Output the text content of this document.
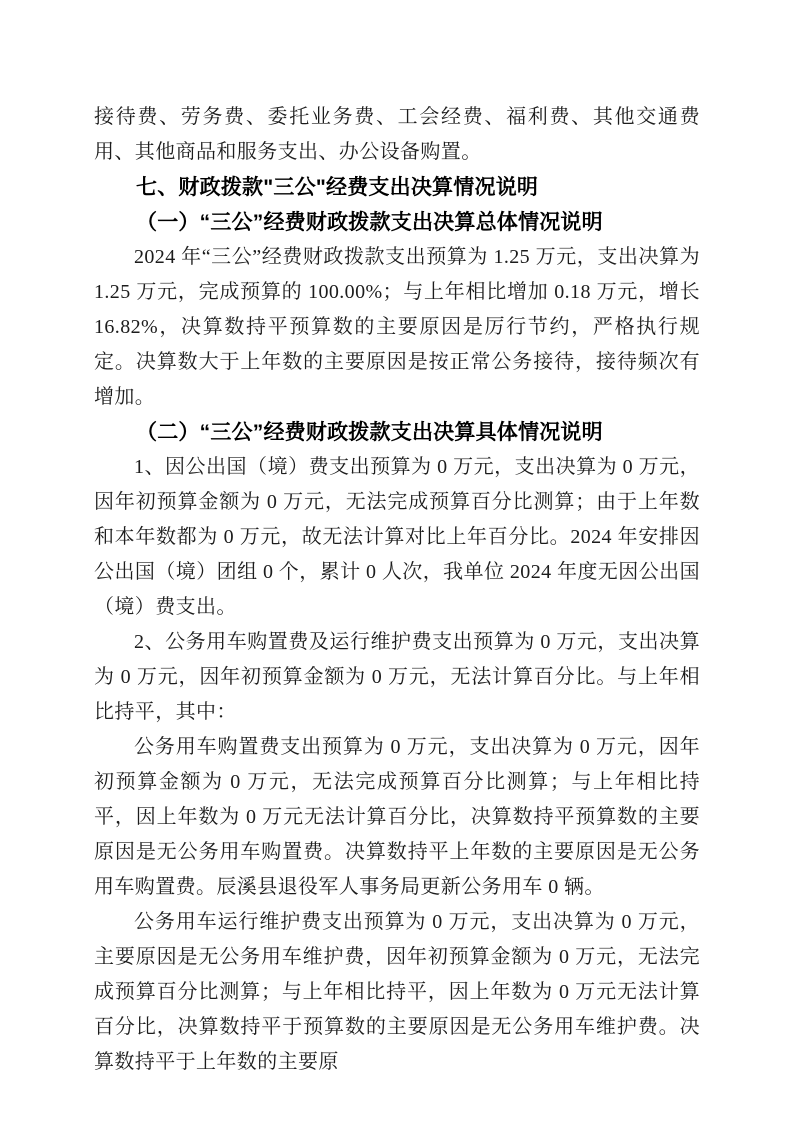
接待费、劳务费、委托业务费、工会经费、福利费、其他交通费用、其他商品和服务支出、办公设备购置。

七、财政拨款"三公"经费支出决算情况说明

（一）“三公”经费财政拨款支出决算总体情况说明

2024 年“三公”经费财政拨款支出预算为 1.25 万元，支出决算为 1.25 万元，完成预算的 100.00%；与上年相比增加 0.18 万元，增长 16.82%，决算数持平预算数的主要原因是厉行节约，严格执行规定。决算数大于上年数的主要原因是按正常公务接待，接待频次有增加。

（二）“三公”经费财政拨款支出决算具体情况说明

1、因公出国（境）费支出预算为 0 万元，支出决算为 0 万元，因年初预算金额为 0 万元，无法完成预算百分比测算；由于上年数和本年数都为 0 万元，故无法计算对比上年百分比。2024 年安排因公出国（境）团组 0 个，累计 0 人次，我单位 2024 年度无因公出国（境）费支出。

2、公务用车购置费及运行维护费支出预算为 0 万元，支出决算为 0 万元，因年初预算金额为 0 万元，无法计算百分比。与上年相比持平，其中：

公务用车购置费支出预算为 0 万元，支出决算为 0 万元，因年初预算金额为 0 万元，无法完成预算百分比测算；与上年相比持平，因上年数为 0 万元无法计算百分比，决算数持平预算数的主要原因是无公务用车购置费。决算数持平上年数的主要原因是无公务用车购置费。辰溪县退役军人事务局更新公务用车 0 辆。

公务用车运行维护费支出预算为 0 万元，支出决算为 0 万元，主要原因是无公务用车维护费，因年初预算金额为 0 万元，无法完成预算百分比测算；与上年相比持平，因上年数为 0 万元无法计算百分比，决算数持平于预算数的主要原因是无公务用车维护费。决算数持平于上年数的主要原
